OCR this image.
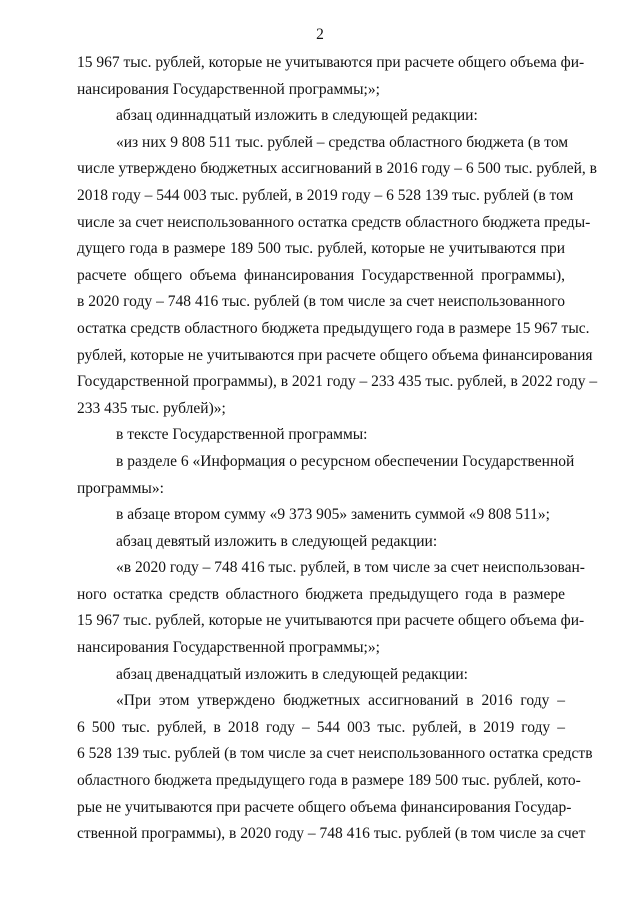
2
15 967 тыс. рублей, которые не учитываются при расчете общего объема фи-
нансирования Государственной программы;»;
абзац одиннадцатый изложить в следующей редакции:
«из них 9 808 511 тыс. рублей – средства областного бюджета (в том
числе утверждено бюджетных ассигнований в 2016 году – 6 500 тыс. рублей, в
2018 году – 544 003 тыс. рублей, в 2019 году – 6 528 139 тыс. рублей (в том
числе за счет неиспользованного остатка средств областного бюджета преды-
дущего года в размере 189 500 тыс. рублей, которые не учитываются при
расчете общего объема финансирования Государственной программы),
в 2020 году – 748 416 тыс. рублей (в том числе за счет неиспользованного
остатка средств областного бюджета предыдущего года в размере 15 967 тыс.
рублей, которые не учитываются при расчете общего объема финансирования
Государственной программы), в 2021 году – 233 435 тыс. рублей, в 2022 году –
233 435 тыс. рублей)»;
в тексте Государственной программы:
в разделе 6 «Информация о ресурсном обеспечении Государственной
программы»:
в абзаце втором сумму «9 373 905» заменить суммой «9 808 511»;
абзац девятый изложить в следующей редакции:
«в 2020 году – 748 416 тыс. рублей, в том числе за счет неиспользован-
ного остатка средств областного бюджета предыдущего года в размере
15 967 тыс. рублей, которые не учитываются при расчете общего объема фи-
нансирования Государственной программы;»;
абзац двенадцатый изложить в следующей редакции:
«При этом утверждено бюджетных ассигнований в 2016 году –
6 500 тыс. рублей, в 2018 году – 544 003 тыс. рублей, в 2019 году –
6 528 139 тыс. рублей (в том числе за счет неиспользованного остатка средств
областного бюджета предыдущего года в размере 189 500 тыс. рублей, кото-
рые не учитываются при расчете общего объема финансирования Государ-
ственной программы), в 2020 году – 748 416 тыс. рублей (в том числе за счет
